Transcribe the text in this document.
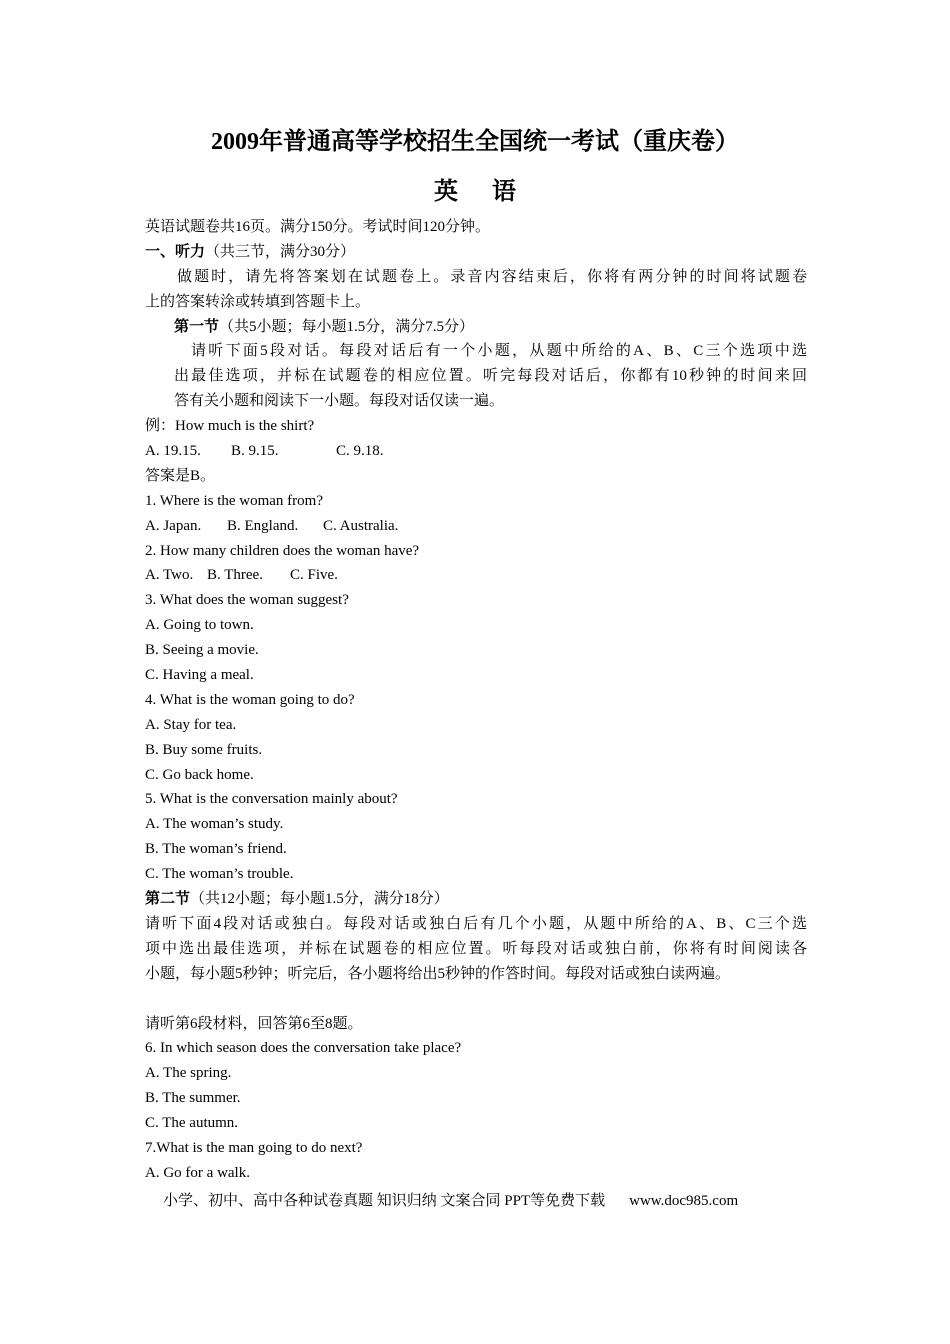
2009年普通高等学校招生全国统一考试（重庆卷）
英 语
英语试题卷共16页。满分150分。考试时间120分钟。
一、听力（共三节，满分30分）
做题时，请先将答案划在试题卷上。录音内容结束后，你将有两分钟的时间将试题卷
上的答案转涂或转填到答题卡上。
第一节（共5小题；每小题1.5分，满分7.5分）
请听下面5段对话。每段对话后有一个小题，从题中所给的A、B、C三个选项中选
出最佳选项，并标在试题卷的相应位置。听完每段对话后，你都有10秒钟的时间来回
答有关小题和阅读下一小题。每段对话仅读一遍。
例：How much is the shirt?
A. 19.15. B. 9.15.	C. 9.18.
答案是B。
1. Where is the woman from?
A. Japan. B. England. C. Australia.
2. How many children does the woman have?
A. Two. B. Three. C. Five.
3. What does the woman suggest?
A. Going to town.
B. Seeing a movie.
C. Having a meal.
4. What is the woman going to do?
A. Stay for tea.
B. Buy some fruits.
C. Go back home.
5. What is the conversation mainly about?
A. The woman’s study.
B. The woman’s friend.
C. The woman’s trouble.
第二节（共12小题；每小题1.5分，满分18分）
请听下面4段对话或独白。每段对话或独白后有几个小题，从题中所给的A、B、C三个选
项中选出最佳选项，并标在试题卷的相应位置。听每段对话或独白前，你将有时间阅读各
小题，每小题5秒钟；听完后，各小题将给出5秒钟的作答时间。每段对话或独白读两遍。
请听第6段材料，回答第6至8题。
6. In which season does the conversation take place?
A. The spring.
B. The summer.
C. The autumn.
7.What is the man going to do next?
A. Go for a walk.
小学、初中、高中各种试卷真题 知识归纳 文案合同 PPT等免费下载 www.doc985.com
